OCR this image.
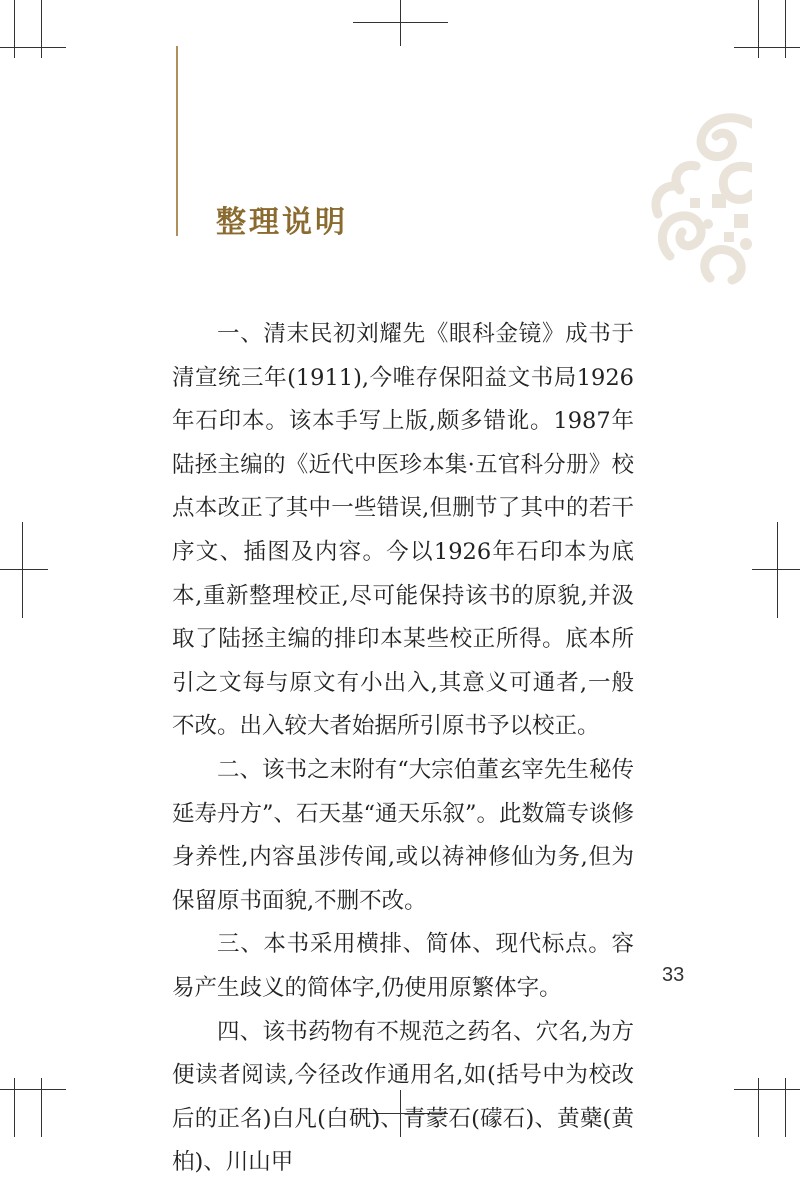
整理说明

一、清末民初刘耀先《眼科金镜》成书于清宣统三年(1911),今唯存保阳益文书局1926年石印本。该本手写上版,颇多错讹。1987年陆拯主编的《近代中医珍本集·五官科分册》校点本改正了其中一些错误,但删节了其中的若干序文、插图及内容。今以1926年石印本为底本,重新整理校正,尽可能保持该书的原貌,并汲取了陆拯主编的排印本某些校正所得。底本所引之文每与原文有小出入,其意义可通者,一般不改。出入较大者始据所引原书予以校正。

二、该书之末附有“大宗伯董玄宰先生秘传延寿丹方”、石天基“通天乐叙”。此数篇专谈修身养性,内容虽涉传闻,或以祷神修仙为务,但为保留原书面貌,不删不改。

三、本书采用横排、简体、现代标点。容易产生歧义的简体字,仍使用原繁体字。

四、该书药物有不规范之药名、穴名,为方便读者阅读,今径改作通用名,如(括号中为校改后的正名)白凡(白矾)、青蒙石(礞石)、黄蘗(黄柏)、川山甲

33
